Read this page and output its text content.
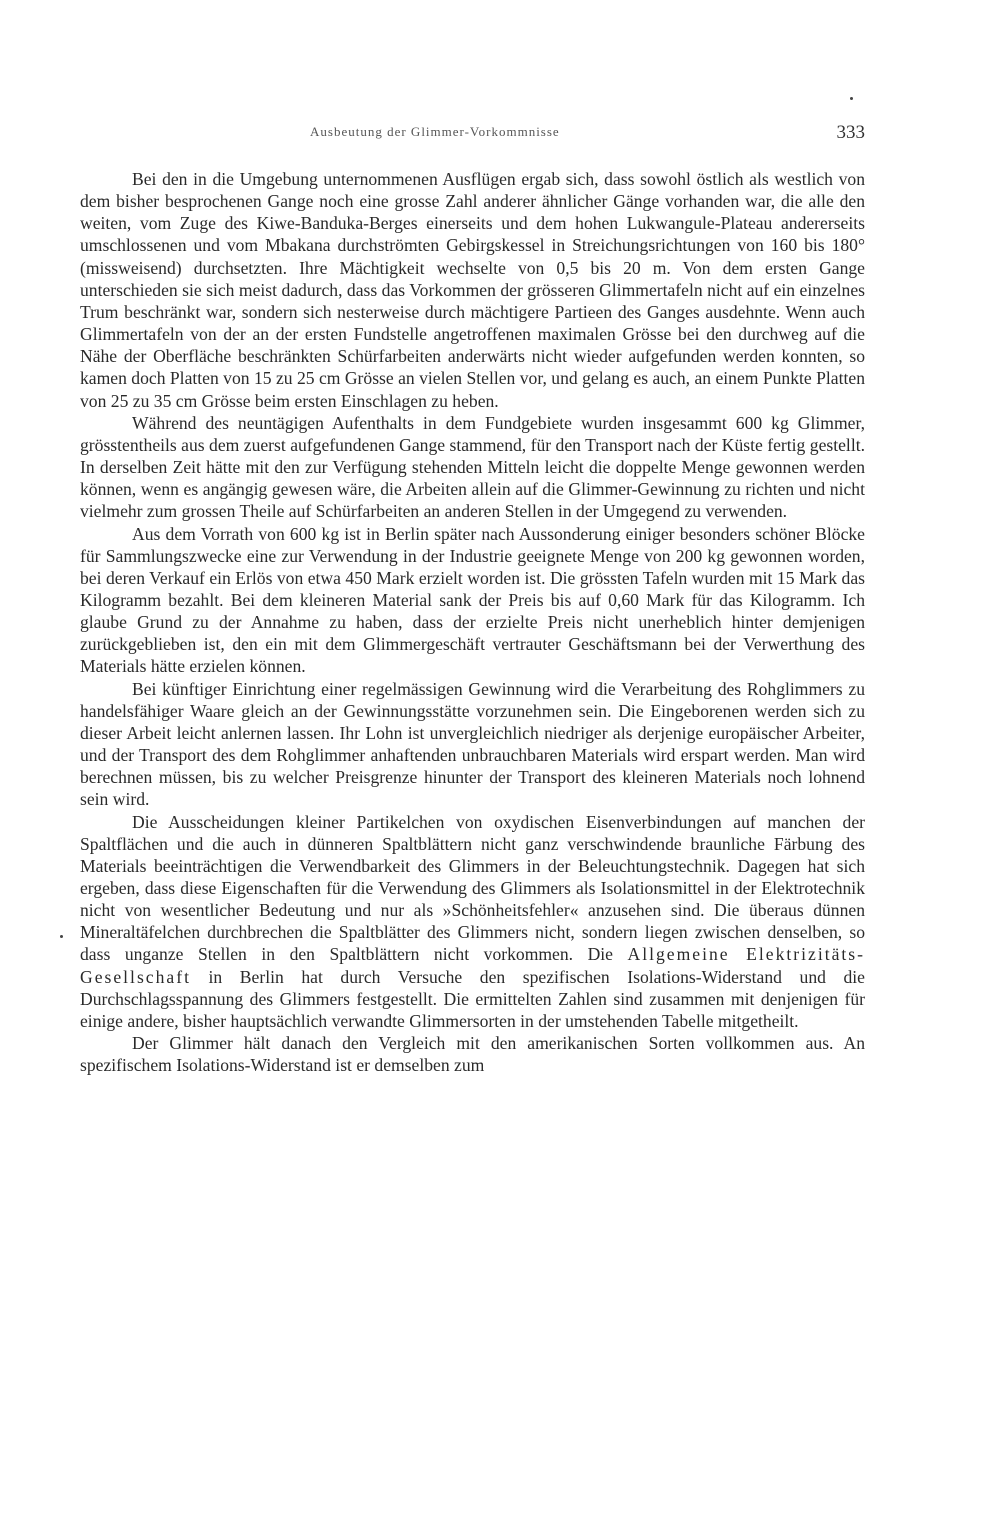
Ausbeutung der Glimmer-Vorkommnisse	333

Bei den in die Umgebung unternommenen Ausflügen ergab sich, dass sowohl östlich als westlich von dem bisher besprochenen Gange noch eine grosse Zahl anderer ähnlicher Gänge vorhanden war, die alle den weiten, vom Zuge des Kiwe-Banduka-Berges einerseits und dem hohen Lukwangule-Plateau andererseits umschlossenen und vom Mbakana durchströmten Gebirgskessel in Streichungsrichtungen von 160 bis 180° (missweisend) durchsetzten. Ihre Mächtigkeit wechselte von 0,5 bis 20 m. Von dem ersten Gange unterschieden sie sich meist dadurch, dass das Vorkommen der grösseren Glimmertafeln nicht auf ein einzelnes Trum beschränkt war, sondern sich nesterweise durch mächtigere Partieen des Ganges ausdehnte. Wenn auch Glimmertafeln von der an der ersten Fundstelle angetroffenen maximalen Grösse bei den durchweg auf die Nähe der Oberfläche beschränkten Schürfarbeiten anderwärts nicht wieder aufgefunden werden konnten, so kamen doch Platten von 15 zu 25 cm Grösse an vielen Stellen vor, und gelang es auch, an einem Punkte Platten von 25 zu 35 cm Grösse beim ersten Einschlagen zu heben.

Während des neuntägigen Aufenthalts in dem Fundgebiete wurden insgesammt 600 kg Glimmer, grösstentheils aus dem zuerst aufgefundenen Gange stammend, für den Transport nach der Küste fertig gestellt. In derselben Zeit hätte mit den zur Verfügung stehenden Mitteln leicht die doppelte Menge gewonnen werden können, wenn es angängig gewesen wäre, die Arbeiten allein auf die Glimmer-Gewinnung zu richten und nicht vielmehr zum grossen Theile auf Schürfarbeiten an anderen Stellen in der Umgegend zu verwenden.

Aus dem Vorrath von 600 kg ist in Berlin später nach Aussonderung einiger besonders schöner Blöcke für Sammlungszwecke eine zur Verwendung in der Industrie geeignete Menge von 200 kg gewonnen worden, bei deren Verkauf ein Erlös von etwa 450 Mark erzielt worden ist. Die grössten Tafeln wurden mit 15 Mark das Kilogramm bezahlt. Bei dem kleineren Material sank der Preis bis auf 0,60 Mark für das Kilogramm. Ich glaube Grund zu der Annahme zu haben, dass der erzielte Preis nicht unerheblich hinter demjenigen zurückgeblieben ist, den ein mit dem Glimmergeschäft vertrauter Geschäftsmann bei der Verwerthung des Materials hätte erzielen können.

Bei künftiger Einrichtung einer regelmässigen Gewinnung wird die Verarbeitung des Rohglimmers zu handelsfähiger Waare gleich an der Gewinnungsstätte vorzunehmen sein. Die Eingeborenen werden sich zu dieser Arbeit leicht anlernen lassen. Ihr Lohn ist unvergleichlich niedriger als derjenige europäischer Arbeiter, und der Transport des dem Rohglimmer anhaftenden unbrauchbaren Materials wird erspart werden. Man wird berechnen müssen, bis zu welcher Preisgrenze hinunter der Transport des kleineren Materials noch lohnend sein wird.

Die Ausscheidungen kleiner Partikelchen von oxydischen Eisenverbindungen auf manchen der Spaltflächen und die auch in dünneren Spaltblättern nicht ganz verschwindende braunliche Färbung des Materials beeinträchtigen die Verwendbarkeit des Glimmers in der Beleuchtungstechnik. Dagegen hat sich ergeben, dass diese Eigenschaften für die Verwendung des Glimmers als Isolationsmittel in der Elektrotechnik nicht von wesentlicher Bedeutung und nur als »Schönheitsfehler« anzusehen sind. Die überaus dünnen Mineraltäfelchen durchbrechen die Spaltblätter des Glimmers nicht, sondern liegen zwischen denselben, so dass unganze Stellen in den Spaltblättern nicht vorkommen. Die Allgemeine Elektrizitäts-Gesellschaft in Berlin hat durch Versuche den spezifischen Isolations-Widerstand und die Durchschlagsspannung des Glimmers festgestellt. Die ermittelten Zahlen sind zusammen mit denjenigen für einige andere, bisher hauptsächlich verwandte Glimmersorten in der umstehenden Tabelle mitgetheilt.

Der Glimmer hält danach den Vergleich mit den amerikanischen Sorten vollkommen aus. An spezifischem Isolations-Widerstand ist er demselben zum
